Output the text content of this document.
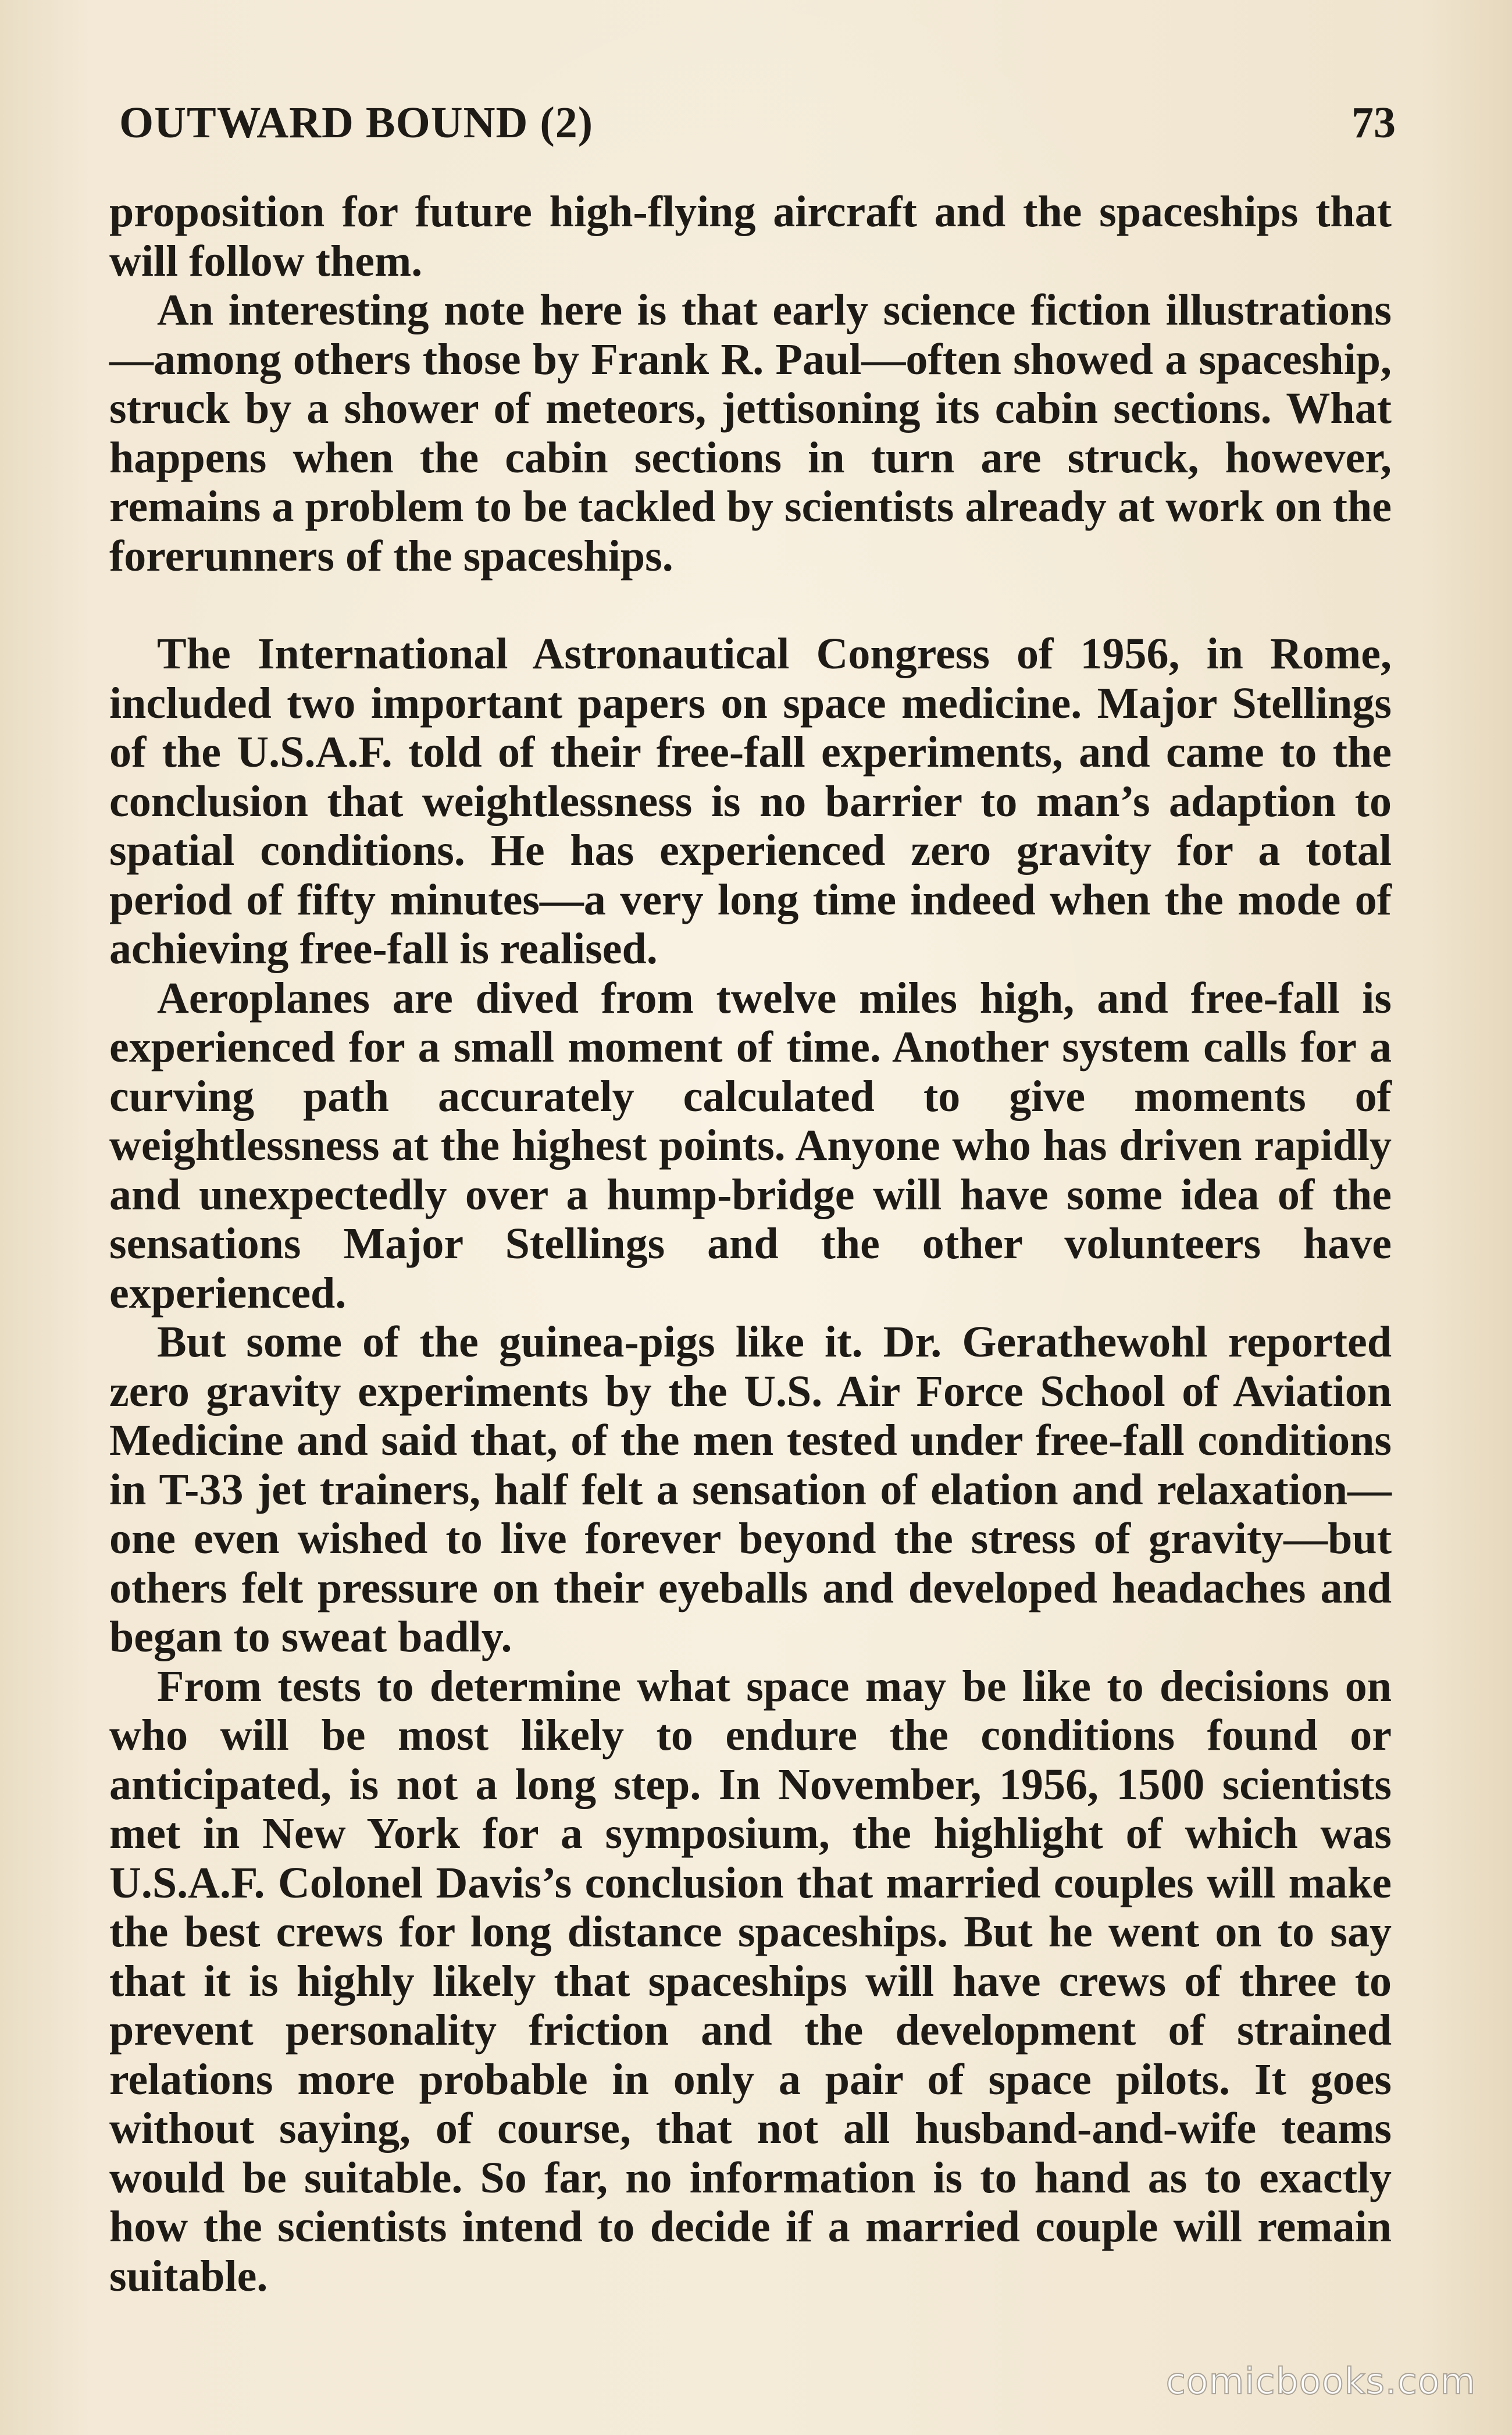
OUTWARD BOUND (2)	73

proposition for future high-flying aircraft and the spaceships that will follow them.

An interesting note here is that early science fiction illustrations—among others those by Frank R. Paul—often showed a spaceship, struck by a shower of meteors, jettisoning its cabin sections. What happens when the cabin sections in turn are struck, however, remains a problem to be tackled by scientists already at work on the forerunners of the spaceships.

The International Astronautical Congress of 1956, in Rome, included two important papers on space medicine. Major Stellings of the U.S.A.F. told of their free-fall experiments, and came to the conclusion that weightlessness is no barrier to man’s adaption to spatial conditions. He has experienced zero gravity for a total period of fifty minutes—a very long time indeed when the mode of achieving free-fall is realised.

Aeroplanes are dived from twelve miles high, and free-fall is experienced for a small moment of time. Another system calls for a curving path accurately calculated to give moments of weightlessness at the highest points. Anyone who has driven rapidly and unexpectedly over a hump-bridge will have some idea of the sensations Major Stellings and the other volunteers have experienced.

But some of the guinea-pigs like it. Dr. Gerathewohl reported zero gravity experiments by the U.S. Air Force School of Aviation Medicine and said that, of the men tested under free-fall conditions in T-33 jet trainers, half felt a sensation of elation and relaxation—one even wished to live forever beyond the stress of gravity—but others felt pressure on their eyeballs and developed headaches and began to sweat badly.

From tests to determine what space may be like to decisions on who will be most likely to endure the conditions found or anticipated, is not a long step. In November, 1956, 1500 scientists met in New York for a symposium, the highlight of which was U.S.A.F. Colonel Davis’s conclusion that married couples will make the best crews for long distance spaceships. But he went on to say that it is highly likely that spaceships will have crews of three to prevent personality friction and the development of strained relations more probable in only a pair of space pilots. It goes without saying, of course, that not all husband-and-wife teams would be suitable. So far, no information is to hand as to exactly how the scientists intend to decide if a married couple will remain suitable.

comicbooks.com
